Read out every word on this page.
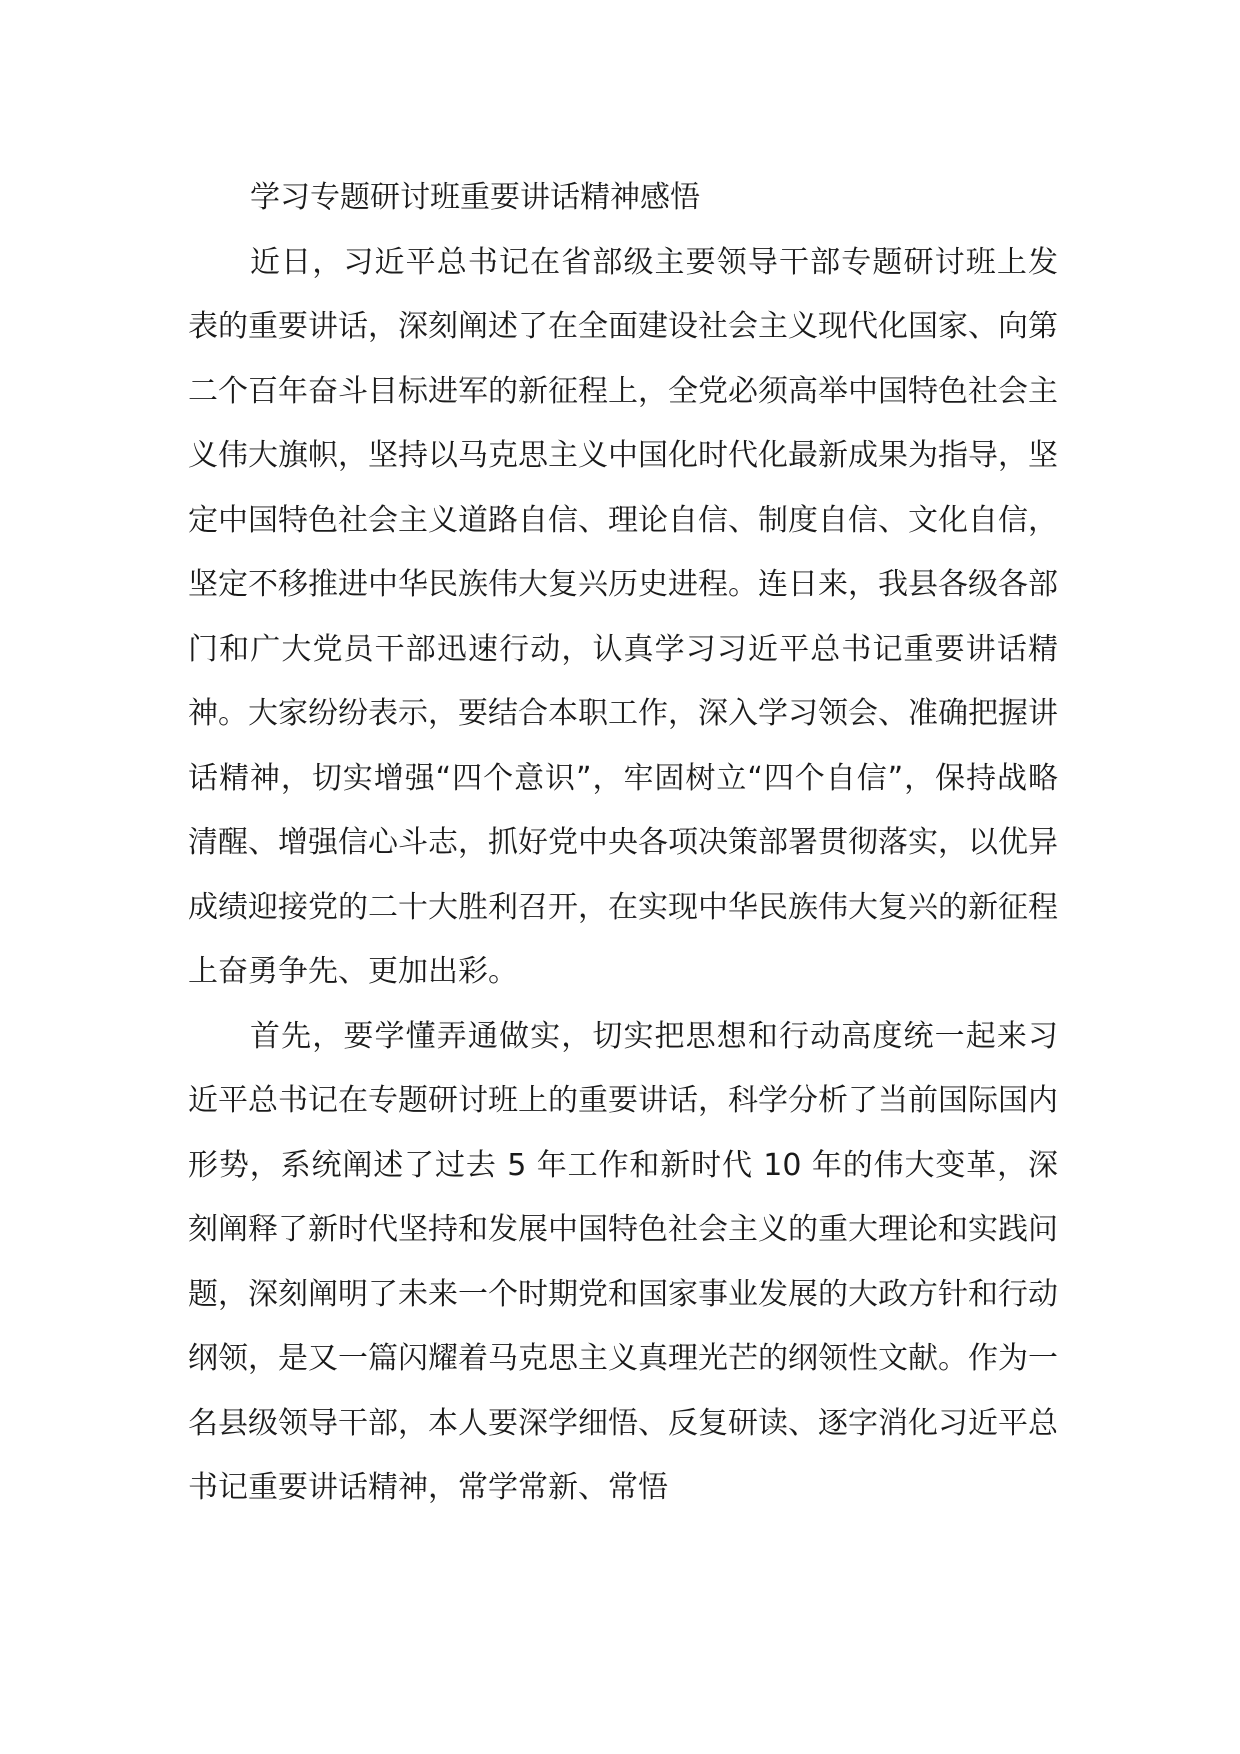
学习专题研讨班重要讲话精神感悟

近日，习近平总书记在省部级主要领导干部专题研讨班上发表的重要讲话，深刻阐述了在全面建设社会主义现代化国家、向第二个百年奋斗目标进军的新征程上，全党必须高举中国特色社会主义伟大旗帜，坚持以马克思主义中国化时代化最新成果为指导，坚定中国特色社会主义道路自信、理论自信、制度自信、文化自信，坚定不移推进中华民族伟大复兴历史进程。连日来，我县各级各部门和广大党员干部迅速行动，认真学习习近平总书记重要讲话精神。大家纷纷表示，要结合本职工作，深入学习领会、准确把握讲话精神，切实增强“四个意识”，牢固树立“四个自信”，保持战略清醒、增强信心斗志，抓好党中央各项决策部署贯彻落实，以优异成绩迎接党的二十大胜利召开，在实现中华民族伟大复兴的新征程上奋勇争先、更加出彩。

首先，要学懂弄通做实，切实把思想和行动高度统一起来习近平总书记在专题研讨班上的重要讲话，科学分析了当前国际国内形势，系统阐述了过去 5 年工作和新时代 10 年的伟大变革，深刻阐释了新时代坚持和发展中国特色社会主义的重大理论和实践问题，深刻阐明了未来一个时期党和国家事业发展的大政方针和行动纲领，是又一篇闪耀着马克思主义真理光芒的纲领性文献。作为一名县级领导干部，本人要深学细悟、反复研读、逐字消化习近平总书记重要讲话精神，常学常新、常悟
